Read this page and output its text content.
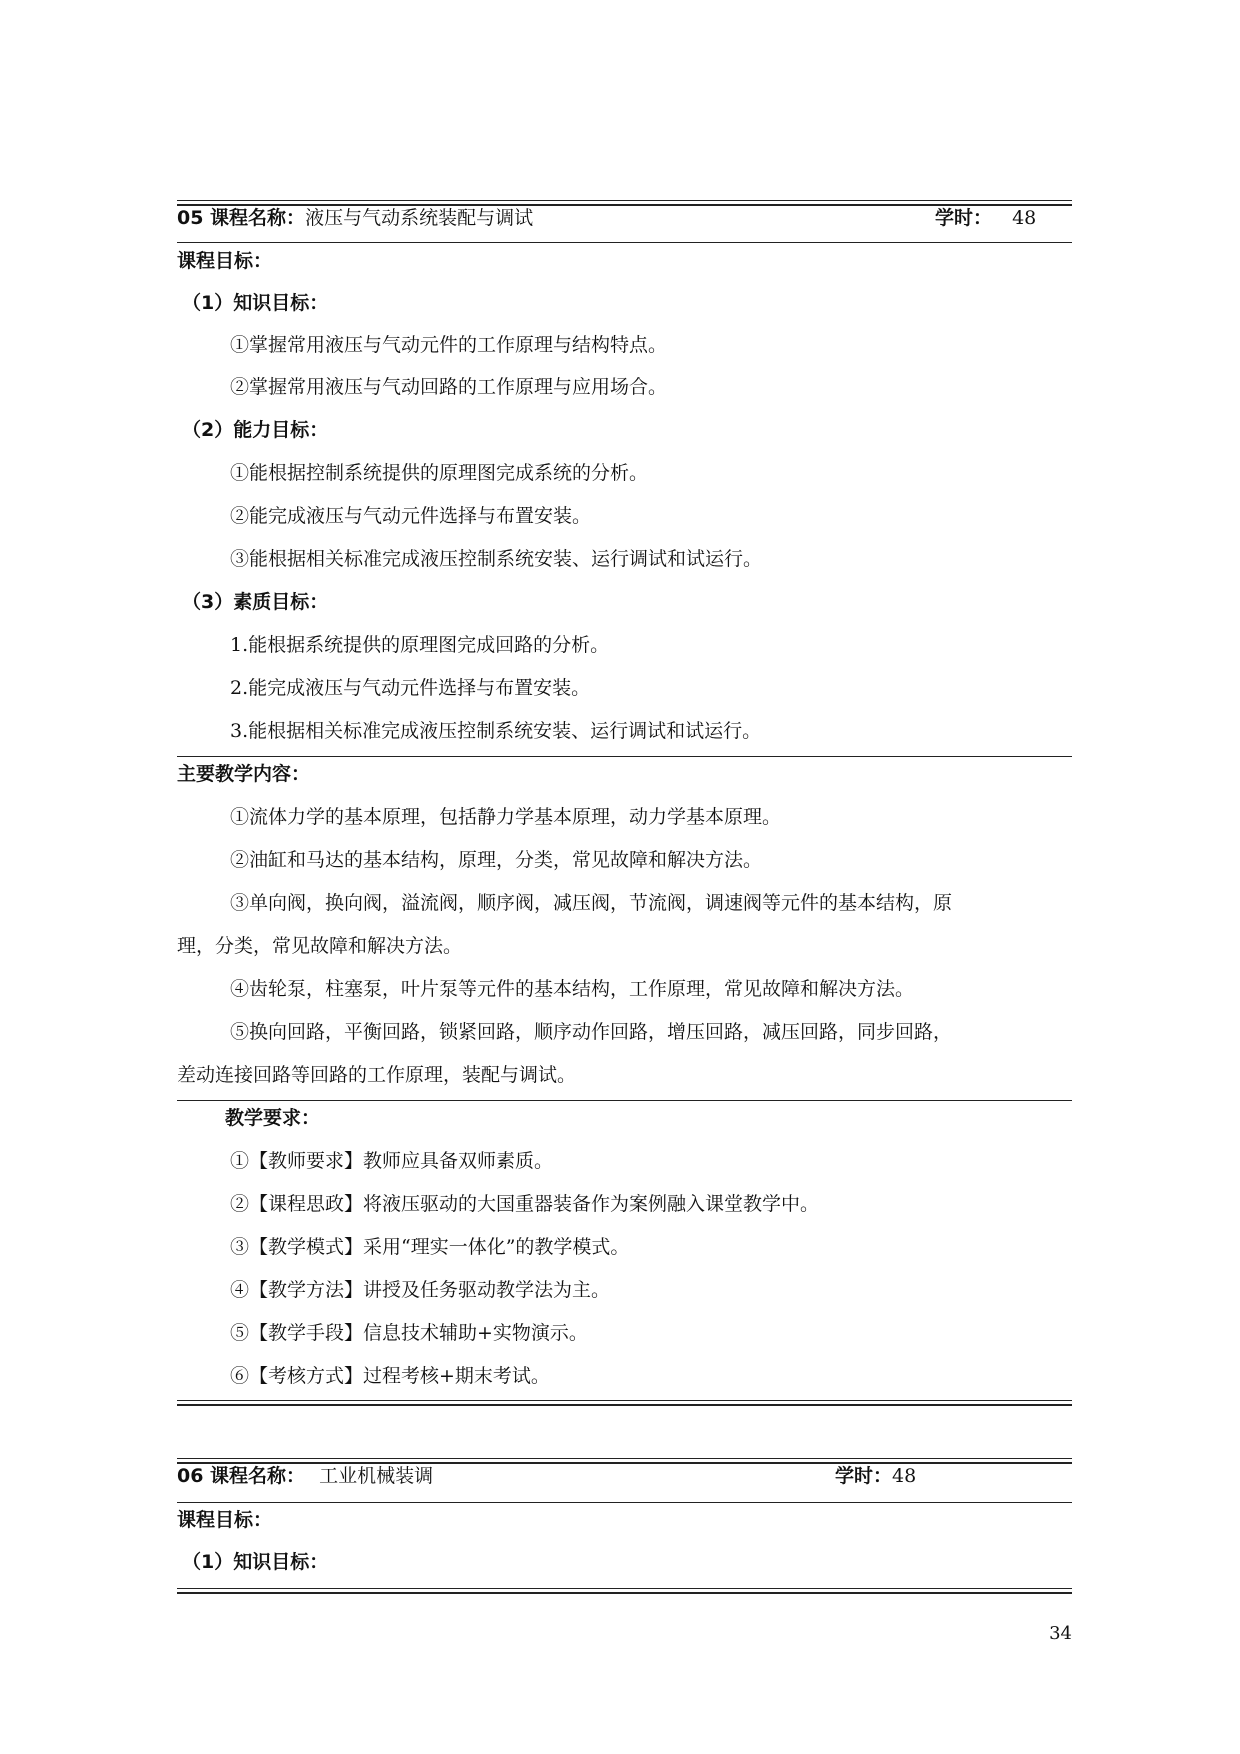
05 课程名称：液压与气动系统装配与调试	学时： 48
课程目标：
（1）知识目标：
①掌握常用液压与气动元件的工作原理与结构特点。
②掌握常用液压与气动回路的工作原理与应用场合。
（2）能力目标：
①能根据控制系统提供的原理图完成系统的分析。
②能完成液压与气动元件选择与布置安装。
③能根据相关标准完成液压控制系统安装、运行调试和试运行。
（3）素质目标：
1.能根据系统提供的原理图完成回路的分析。
2.能完成液压与气动元件选择与布置安装。
3.能根据相关标准完成液压控制系统安装、运行调试和试运行。
主要教学内容：
①流体力学的基本原理，包括静力学基本原理，动力学基本原理。
②油缸和马达的基本结构，原理，分类，常见故障和解决方法。
③单向阀，换向阀，溢流阀，顺序阀，减压阀，节流阀，调速阀等元件的基本结构，原
理，分类，常见故障和解决方法。
④齿轮泵，柱塞泵，叶片泵等元件的基本结构，工作原理，常见故障和解决方法。
⑤换向回路，平衡回路，锁紧回路，顺序动作回路，增压回路，减压回路，同步回路，
差动连接回路等回路的工作原理，装配与调试。
教学要求：
①【教师要求】教师应具备双师素质。
②【课程思政】将液压驱动的大国重器装备作为案例融入课堂教学中。
③【教学模式】采用“理实一体化”的教学模式。
④【教学方法】讲授及任务驱动教学法为主。
⑤【教学手段】信息技术辅助+实物演示。
⑥【考核方式】过程考核+期末考试。
06 课程名称： 工业机械装调	学时：48
课程目标：
（1）知识目标：
34
